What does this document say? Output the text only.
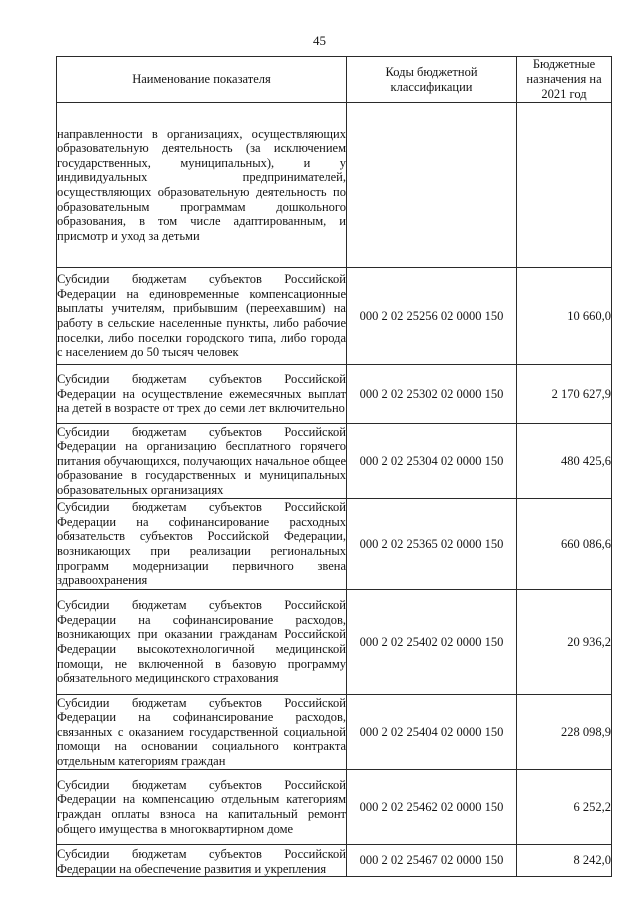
45
Наименование показателя	Коды бюджетной классификации	Бюджетные назначения на 2021 год
направленности в организациях, осуществляющих образовательную деятельность (за исключением государственных, муниципальных), и у индивидуальных предпринимателей, осуществляющих образовательную деятельность по образовательным программам дошкольного образования, в том числе адаптированным, и присмотр и уход за детьми		
Субсидии бюджетам субъектов Российской Федерации на единовременные компенсационные выплаты учителям, прибывшим (переехавшим) на работу в сельские населенные пункты, либо рабочие поселки, либо поселки городского типа, либо города с населением до 50 тысяч человек	000 2 02 25256 02 0000 150	10 660,0
Субсидии бюджетам субъектов Российской Федерации на осуществление ежемесячных выплат на детей в возрасте от трех до семи лет включительно	000 2 02 25302 02 0000 150	2 170 627,9
Субсидии бюджетам субъектов Российской Федерации на организацию бесплатного горячего питания обучающихся, получающих начальное общее образование в государственных и муниципальных образовательных организациях	000 2 02 25304 02 0000 150	480 425,6
Субсидии бюджетам субъектов Российской Федерации на софинансирование расходных обязательств субъектов Российской Федерации, возникающих при реализации региональных программ модернизации первичного звена здравоохранения	000 2 02 25365 02 0000 150	660 086,6
Субсидии бюджетам субъектов Российской Федерации на софинансирование расходов, возникающих при оказании гражданам Российской Федерации высокотехнологичной медицинской помощи, не включенной в базовую программу обязательного медицинского страхования	000 2 02 25402 02 0000 150	20 936,2
Субсидии бюджетам субъектов Российской Федерации на софинансирование расходов, связанных с оказанием государственной социальной помощи на основании социального контракта отдельным категориям граждан	000 2 02 25404 02 0000 150	228 098,9
Субсидии бюджетам субъектов Российской Федерации на компенсацию отдельным категориям граждан оплаты взноса на капитальный ремонт общего имущества в многоквартирном доме	000 2 02 25462 02 0000 150	6 252,2
Субсидии бюджетам субъектов Российской Федерации на обеспечение развития и укрепления	000 2 02 25467 02 0000 150	8 242,0
